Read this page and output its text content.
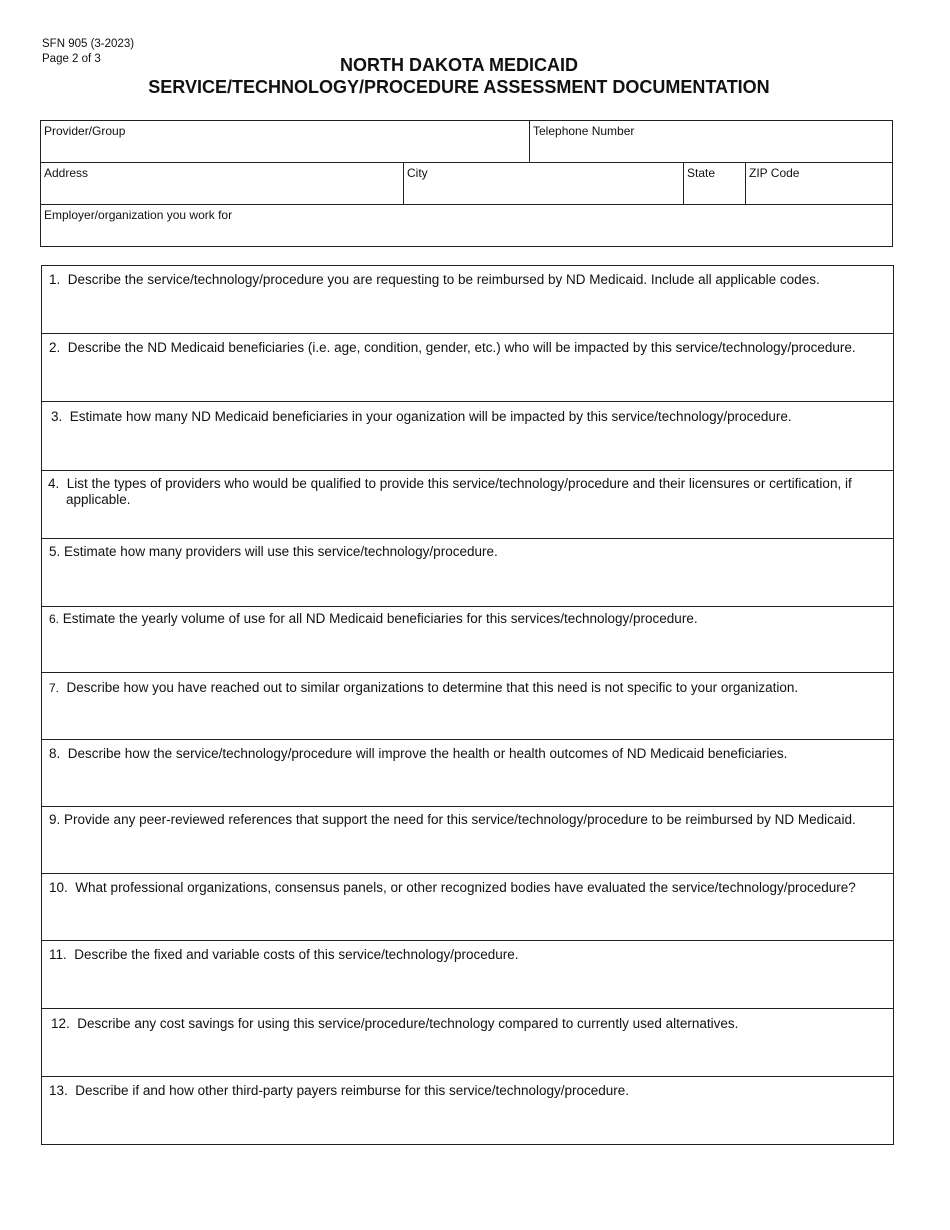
SFN 905 (3-2023)
Page 2 of 3	NORTH DAKOTA MEDICAID
SERVICE/TECHNOLOGY/PROCEDURE ASSESSMENT DOCUMENTATION
Provider/Group	Telephone Number
Address	City	State	ZIP Code
Employer/organization you work for
1. Describe the service/technology/procedure you are requesting to be reimbursed by ND Medicaid. Include all applicable codes.
2. Describe the ND Medicaid beneficiaries (i.e. age, condition, gender, etc.) who will be impacted by this service/technology/procedure.
3. Estimate how many ND Medicaid beneficiaries in your oganization will be impacted by this service/technology/procedure.
4. List the types of providers who would be qualified to provide this service/technology/procedure and their licensures or certification, if applicable.
5. Estimate how many providers will use this service/technology/procedure.
6. Estimate the yearly volume of use for all ND Medicaid beneficiaries for this services/technology/procedure.
7. Describe how you have reached out to similar organizations to determine that this need is not specific to your organization.
8. Describe how the service/technology/procedure will improve the health or health outcomes of ND Medicaid beneficiaries.
9. Provide any peer-reviewed references that support the need for this service/technology/procedure to be reimbursed by ND Medicaid.
10. What professional organizations, consensus panels, or other recognized bodies have evaluated the service/technology/procedure?
11. Describe the fixed and variable costs of this service/technology/procedure.
12. Describe any cost savings for using this service/procedure/technology compared to currently used alternatives.
13. Describe if and how other third-party payers reimburse for this service/technology/procedure.
